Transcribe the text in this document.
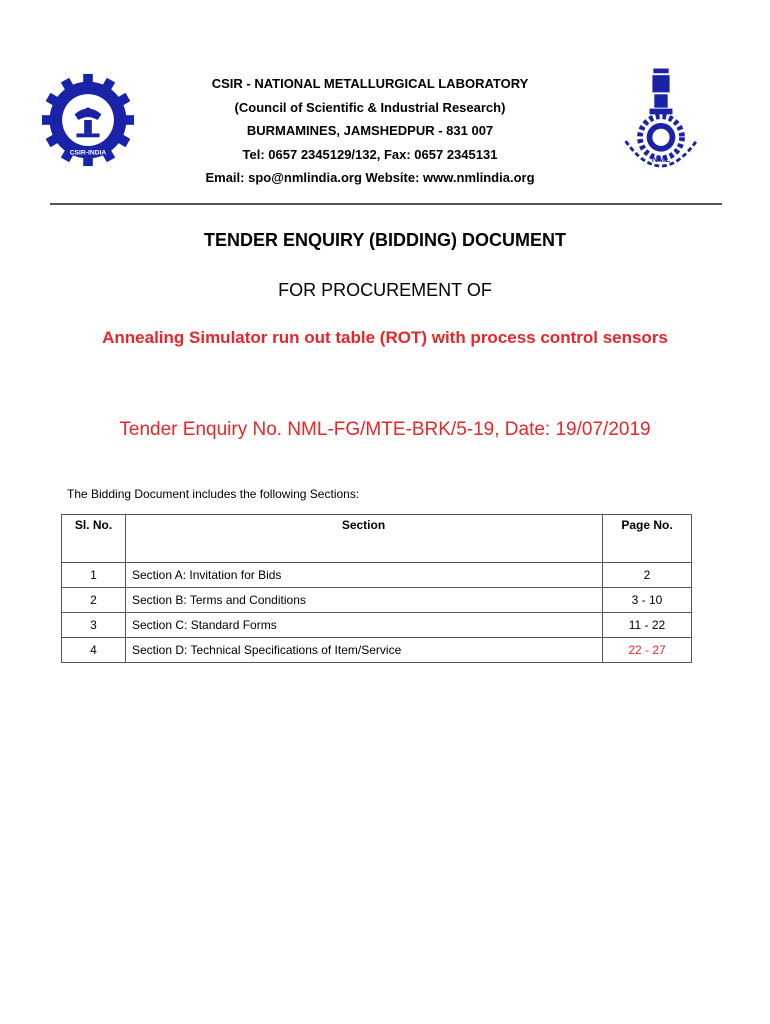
CSIR-INDIA
NML
CSIR - NATIONAL METALLURGICAL LABORATORY
(Council of Scientific & Industrial Research)
BURMAMINES, JAMSHEDPUR - 831 007
Tel: 0657 2345129/132, Fax: 0657 2345131
Email: spo@nmlindia.org Website: www.nmlindia.org
TENDER ENQUIRY (BIDDING) DOCUMENT
FOR PROCUREMENT OF
Annealing Simulator run out table (ROT) with process control sensors
Tender Enquiry No. NML-FG/MTE-BRK/5-19, Date: 19/07/2019
The Bidding Document includes the following Sections:
Sl. No.	Section	Page No.
1	Section A: Invitation for Bids	2
2	Section B: Terms and Conditions	3 - 10
3	Section C: Standard Forms	11 - 22
4	Section D: Technical Specifications of Item/Service	22 - 27
